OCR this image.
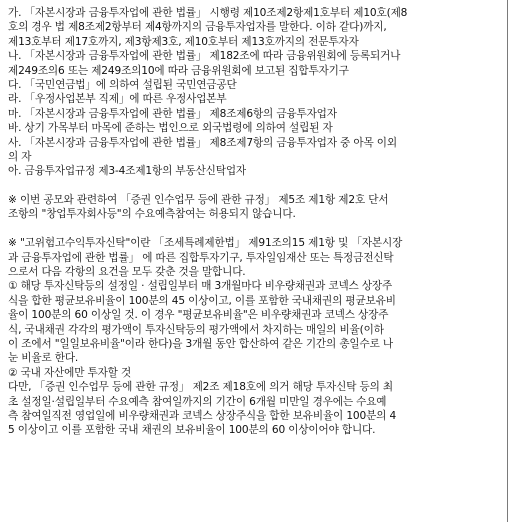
가. 「자본시장과 금융투자업에 관한 법률」 시행령 제10조제2항제1호부터 제10호(제8
호의 경우 법 제8조제2항부터 제4항까지의 금융투자업자를 말한다. 이하 같다)까지,
제13호부터 제17호까지, 제3항제3호, 제10호부터 제13호까지의 전문투자자
나. 「자본시장과 금융투자업에 관한 법률」 제182조에 따라 금융위원회에 등록되거나
제249조의6 또는 제249조의10에 따라 금융위원회에 보고된 집합투자기구
다. 「국민연금법」에 의하여 설립된 국민연금공단
라. 「우정사업본부 직제」에 따른 우정사업본부
마. 「자본시장과 금융투자업에 관한 법률」 제8조제6항의 금융투자업자
바. 상기 가목부터 마목에 준하는 법인으로 외국법령에 의하여 설립된 자
사. 「자본시장과 금융투자업에 관한 법률」 제8조제7항의 금융투자업자 중 아목 이외
의 자
아. 금융투자업규정 제3-4조제1항의 부동산신탁업자
※ 이번 공모와 관련하여 「증권 인수업무 등에 관한 규정」 제5조 제1항 제2호 단서
조항의 "창업투자회사등"의 수요예측참여는 허용되지 않습니다.
※ "고위험고수익투자신탁"이란 「조세특례제한법」 제91조의15 제1항 및 「자본시장
과 금융투자업에 관한 법률」 에 따른 집합투자기구, 투자일임재산 또는 특정금전신탁
으로서 다음 각항의 요건을 모두 갖춘 것을 말합니다.
① 해당 투자신탁등의 설정일 · 설립일부터 매 3개월마다 비우량채권과 코넥스 상장주
식을 합한 평균보유비율이 100분의 45 이상이고, 이를 포함한 국내채권의 평균보유비
율이 100분의 60 이상일 것. 이 경우 "평균보유비율"은 비우량채권과 코넥스 상장주
식, 국내채권 각각의 평가액이 투자신탁등의 평가액에서 차지하는 매일의 비율(이하
이 조에서 "일일보유비율"이라 한다)을 3개월 동안 합산하여 같은 기간의 총일수로 나
눈 비율로 한다.
② 국내 자산에만 투자할 것
다만, 「증권 인수업무 등에 관한 규정」 제2조 제18호에 의거 해당 투자신탁 등의 최
초 설정일·설립일부터 수요예측 참여일까지의 기간이 6개월 미만일 경우에는 수요예
측 참여일직전 영업일에 비우량채권과 코넥스 상장주식을 합한 보유비율이 100분의 4
5 이상이고 이를 포함한 국내 채권의 보유비율이 100분의 60 이상이어야 합니다.
